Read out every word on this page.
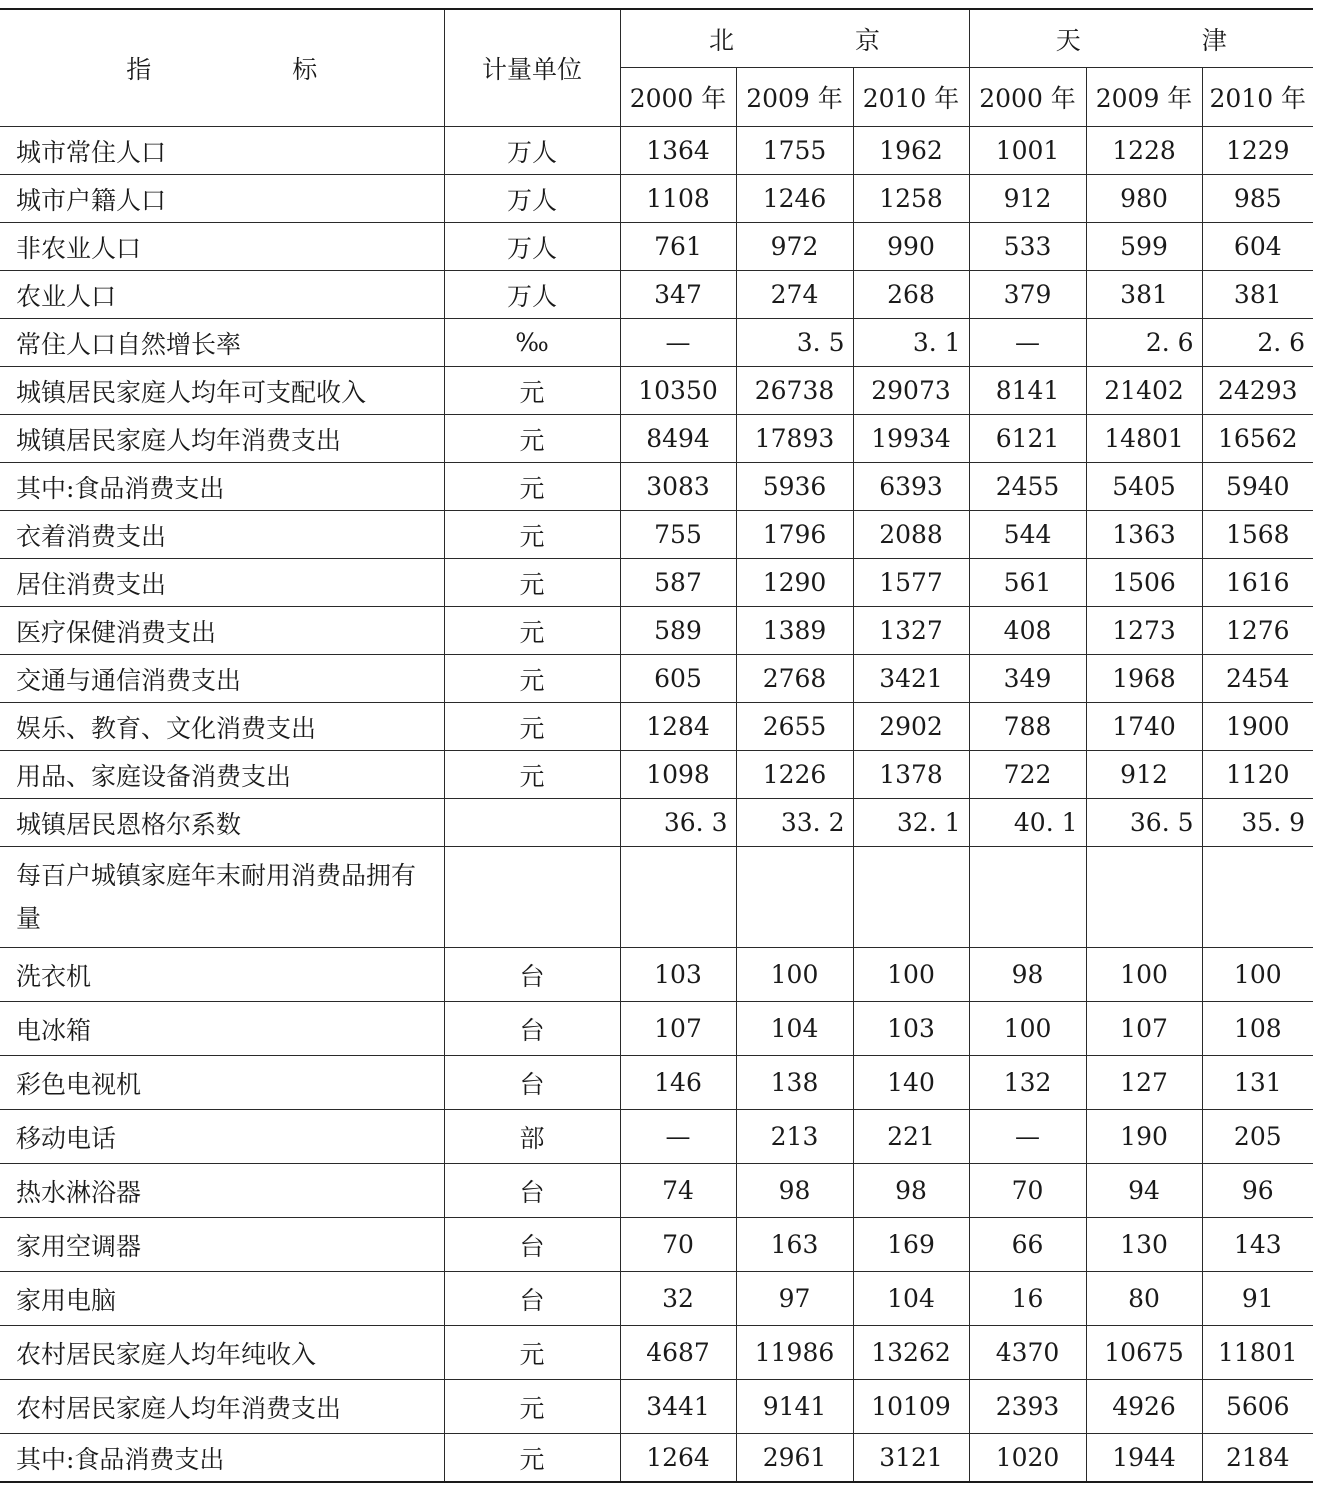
指　标	计量单位	北　京			天　津		
		2000 年	2009 年	2010 年	2000 年	2009 年	2010 年
城市常住人口	万人	1364	1755	1962	1001	1228	1229
城市户籍人口	万人	1108	1246	1258	912	980	985
非农业人口	万人	761	972	990	533	599	604
农业人口	万人	347	274	268	379	381	381
常住人口自然增长率	‰	—	3. 5	3. 1	—	2. 6	2. 6
城镇居民家庭人均年可支配收入	元	10350	26738	29073	8141	21402	24293
城镇居民家庭人均年消费支出	元	8494	17893	19934	6121	14801	16562
其中:食品消费支出	元	3083	5936	6393	2455	5405	5940
衣着消费支出	元	755	1796	2088	544	1363	1568
居住消费支出	元	587	1290	1577	561	1506	1616
医疗保健消费支出	元	589	1389	1327	408	1273	1276
交通与通信消费支出	元	605	2768	3421	349	1968	2454
娱乐、教育、文化消费支出	元	1284	2655	2902	788	1740	1900
用品、家庭设备消费支出	元	1098	1226	1378	722	912	1120
城镇居民恩格尔系数		36. 3	33. 2	32. 1	40. 1	36. 5	35. 9
每百户城镇家庭年末耐用消费品拥有量							
洗衣机	台	103	100	100	98	100	100
电冰箱	台	107	104	103	100	107	108
彩色电视机	台	146	138	140	132	127	131
移动电话	部	—	213	221	—	190	205
热水淋浴器	台	74	98	98	70	94	96
家用空调器	台	70	163	169	66	130	143
家用电脑	台	32	97	104	16	80	91
农村居民家庭人均年纯收入	元	4687	11986	13262	4370	10675	11801
农村居民家庭人均年消费支出	元	3441	9141	10109	2393	4926	5606
其中:食品消费支出	元	1264	2961	3121	1020	1944	2184
